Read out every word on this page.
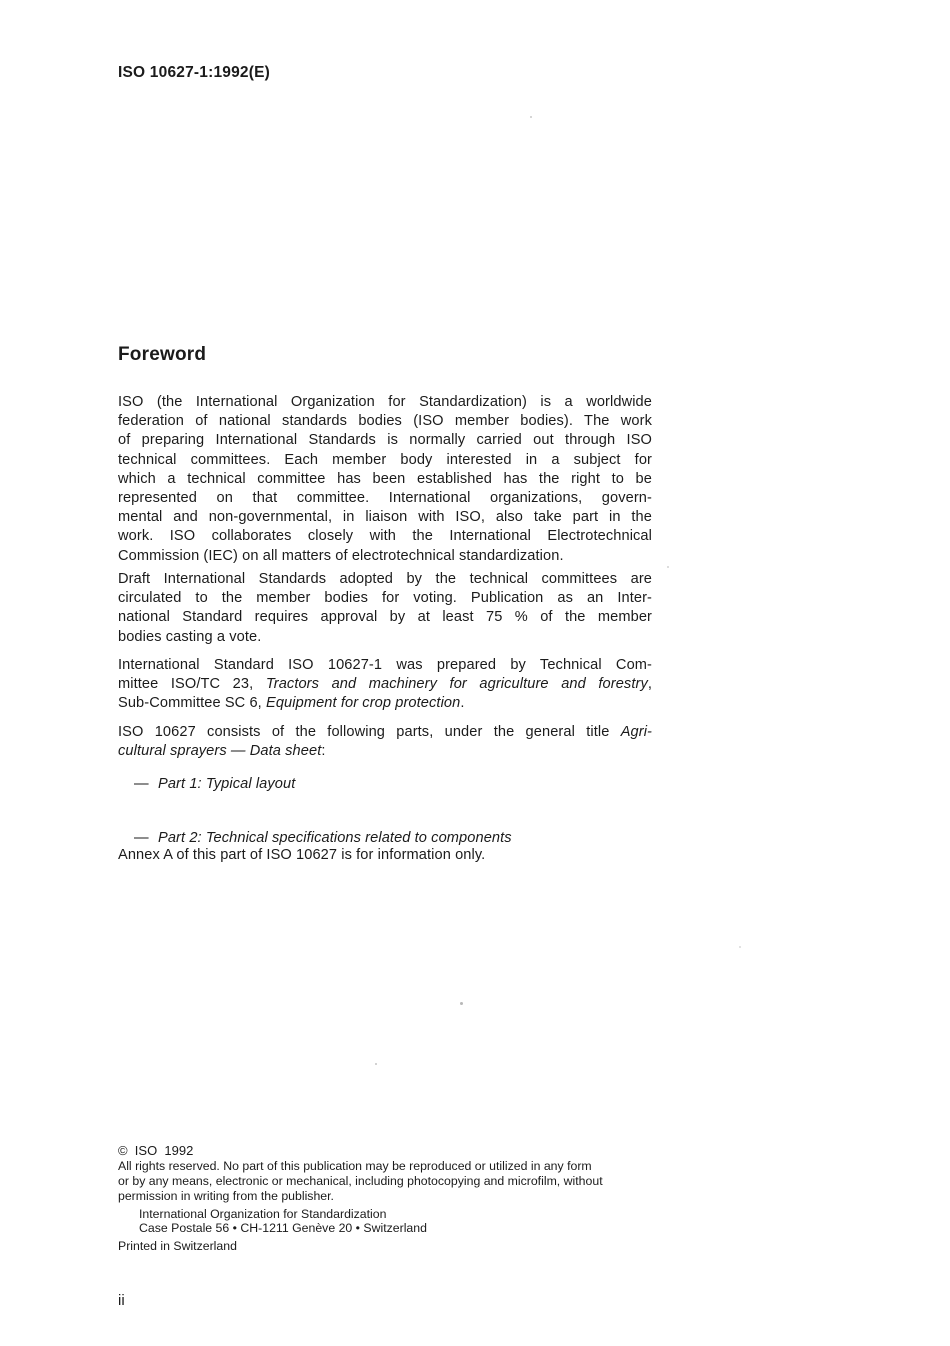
ISO 10627-1:1992(E)
Foreword
ISO (the International Organization for Standardization) is a worldwide
federation of national standards bodies (ISO member bodies). The work
of preparing International Standards is normally carried out through ISO
technical committees. Each member body interested in a subject for
which a technical committee has been established has the right to be
represented on that committee. International organizations, govern-
mental and non-governmental, in liaison with ISO, also take part in the
work. ISO collaborates closely with the International Electrotechnical
Commission (IEC) on all matters of electrotechnical standardization.
Draft International Standards adopted by the technical committees are
circulated to the member bodies for voting. Publication as an Inter-
national Standard requires approval by at least 75 % of the member
bodies casting a vote.
International Standard ISO 10627-1 was prepared by Technical Com-
mittee ISO/TC 23, Tractors and machinery for agriculture and forestry,
Sub-Committee SC 6, Equipment for crop protection.
ISO 10627 consists of the following parts, under the general title Agri-
cultural sprayers — Data sheet:
— Part 1: Typical layout
— Part 2: Technical specifications related to components
Annex A of this part of ISO 10627 is for information only.
©  ISO  1992
All rights reserved. No part of this publication may be reproduced or utilized in any form
or by any means, electronic or mechanical, including photocopying and microfilm, without
permission in writing from the publisher.
International Organization for Standardization
Case Postale 56 • CH-1211 Genève 20 • Switzerland
Printed in Switzerland
ii
